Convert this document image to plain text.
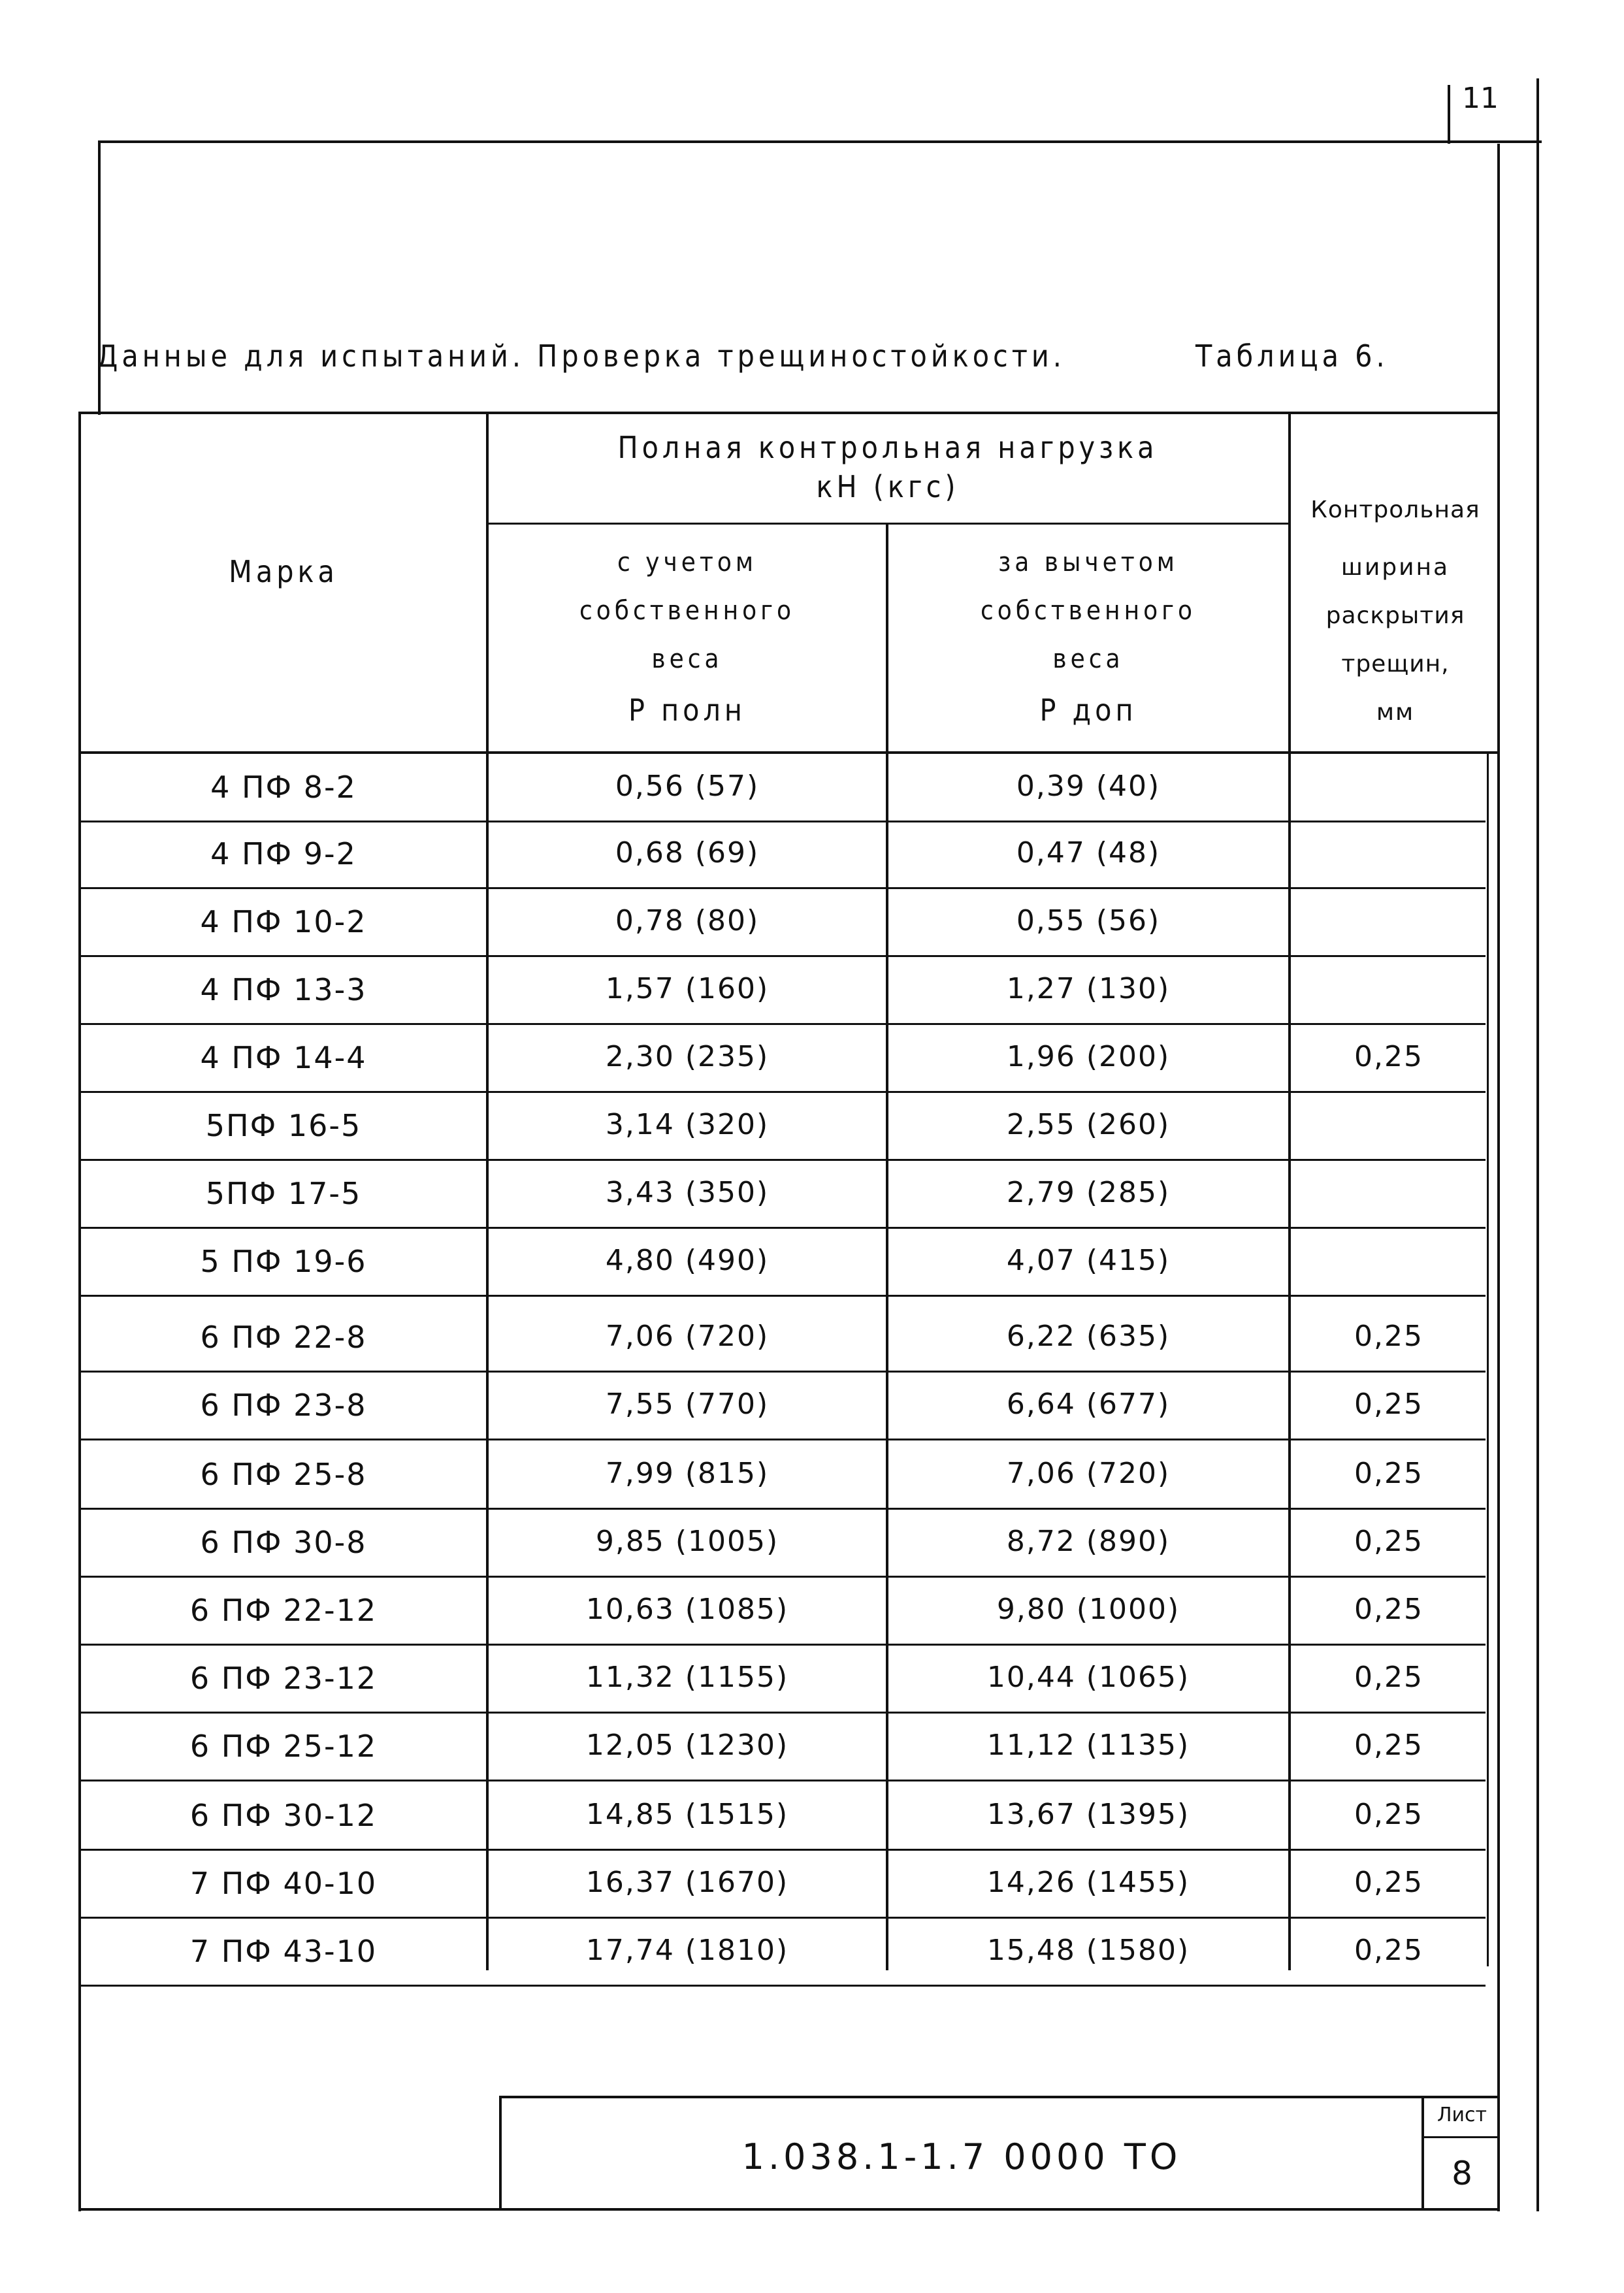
11
Данные для испытаний. Проверка трещиностойкости.	Таблица 6.
Марка
Полная контрольная нагрузка
кН (кгс)
с учетом
собственного
веса
Р полн
за вычетом
собственного
веса
Р доп
Контрольная
ширина
раскрытия
трещин,
мм
4 ПФ 8-2	0,56 (57)	0,39 (40)
4 ПФ 9-2	0,68 (69)	0,47 (48)
4 ПФ 10-2	0,78 (80)	0,55 (56)
4 ПФ 13-3	1,57 (160)	1,27 (130)
4 ПФ 14-4	2,30 (235)	1,96 (200)	0,25
5ПФ 16-5	3,14 (320)	2,55 (260)
5ПФ 17-5	3,43 (350)	2,79 (285)
5 ПФ 19-6	4,80 (490)	4,07 (415)
6 ПФ 22-8	7,06 (720)	6,22 (635)	0,25
6 ПФ 23-8	7,55 (770)	6,64 (677)	0,25
6 ПФ 25-8	7,99 (815)	7,06 (720)	0,25
6 ПФ 30-8	9,85 (1005)	8,72 (890)	0,25
6 ПФ 22-12	10,63 (1085)	9,80 (1000)	0,25
6 ПФ 23-12	11,32 (1155)	10,44 (1065)	0,25
6 ПФ 25-12	12,05 (1230)	11,12 (1135)	0,25
6 ПФ 30-12	14,85 (1515)	13,67 (1395)	0,25
7 ПФ 40-10	16,37 (1670)	14,26 (1455)	0,25
7 ПФ 43-10	17,74 (1810)	15,48 (1580)	0,25
1.038.1-1.7 0000 ТО
Лист
8
